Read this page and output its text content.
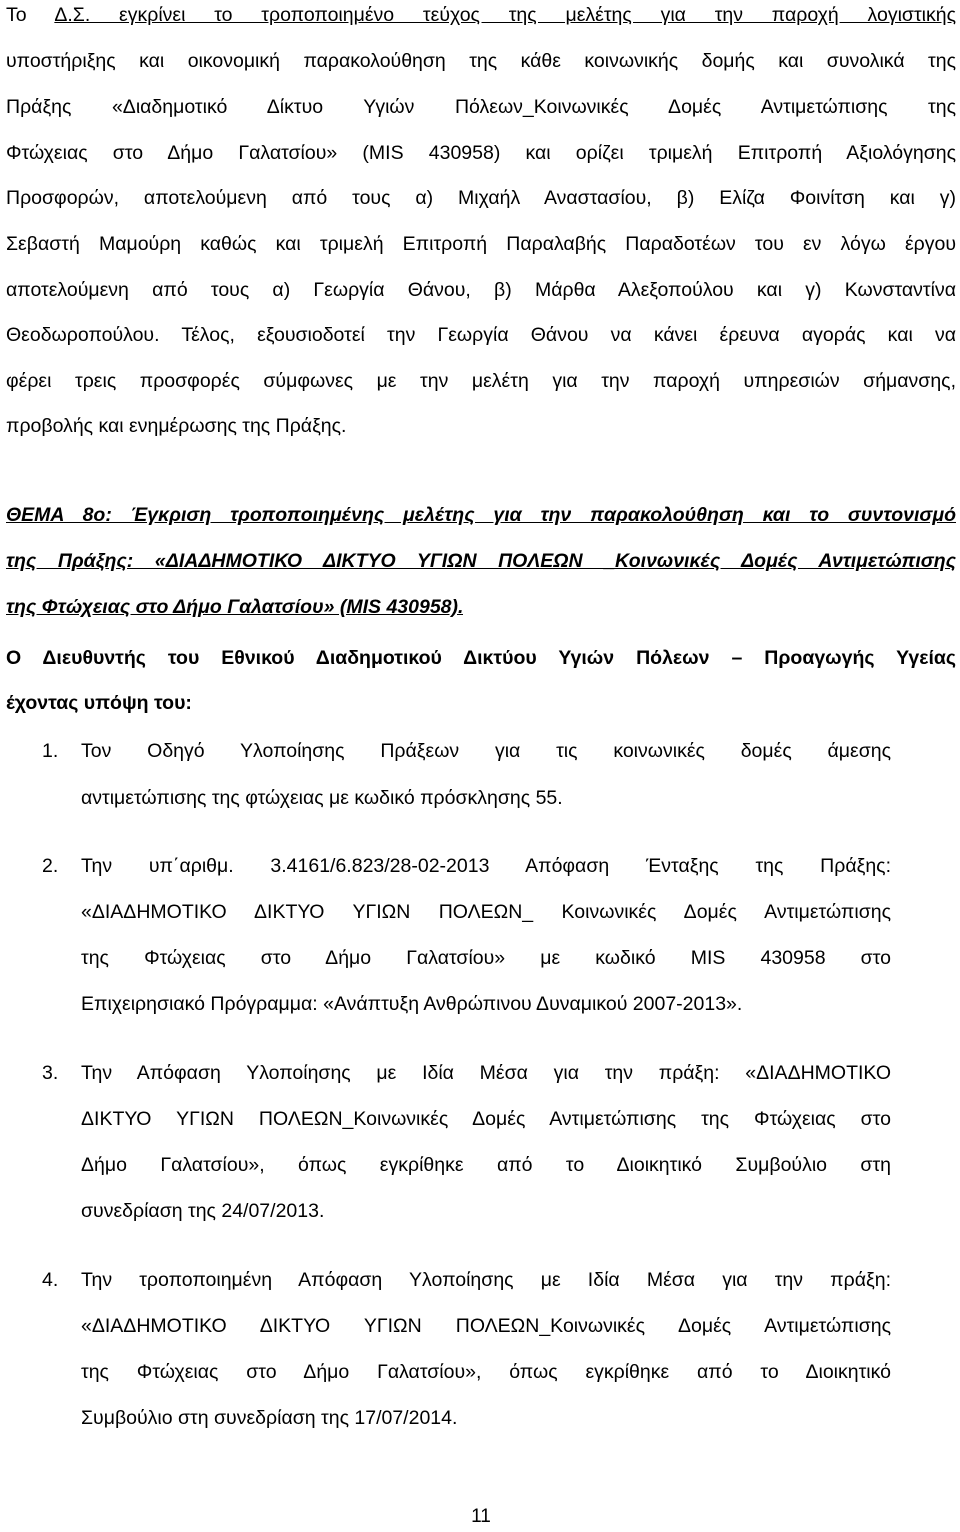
Το Δ.Σ. εγκρίνει το τροποποιημένο τεύχος της μελέτης για την παροχή λογιστικής
υποστήριξης και οικονομική παρακολούθηση της κάθε κοινωνικής δομής και συνολικά της
Πράξης «Διαδημοτικό Δίκτυο Υγιών Πόλεων_Κοινωνικές Δομές Αντιμετώπισης της
Φτώχειας στο Δήμο Γαλατσίου» (MIS 430958) και ορίζει τριμελή Επιτροπή Αξιολόγησης
Προσφορών, αποτελούμενη από τους α) Μιχαήλ Αναστασίου, β) Ελίζα Φοινίτση και γ)
Σεβαστή Μαμούρη καθώς και τριμελή Επιτροπή Παραλαβής Παραδοτέων του εν λόγω έργου
αποτελούμενη από τους α) Γεωργία Θάνου, β) Μάρθα Αλεξοπούλου και γ) Κωνσταντίνα
Θεοδωροπούλου. Τέλος, εξουσιοδοτεί την Γεωργία Θάνου να κάνει έρευνα αγοράς και να
φέρει τρεις προσφορές σύμφωνες με την μελέτη για την παροχή υπηρεσιών σήμανσης,
προβολής και ενημέρωσης της Πράξης.
ΘΕΜΑ 8ο: Έγκριση τροποποιημένης μελέτης για την παρακολούθηση και το συντονισμό
της Πράξης: «ΔΙΑΔΗΜΟΤΙΚΟ ΔΙΚΤΥΟ ΥΓΙΩΝ ΠΟΛΕΩΝ _Κοινωνικές Δομές Αντιμετώπισης
της Φτώχειας στο Δήμο Γαλατσίου» (MIS 430958).
Ο Διευθυντής του Εθνικού Διαδημοτικού Δικτύου Υγιών Πόλεων – Προαγωγής Υγείας
έχοντας υπόψη του:
1. Τον Οδηγό Υλοποίησης Πράξεων για τις κοινωνικές δομές άμεσης
αντιμετώπισης της φτώχειας με κωδικό πρόσκλησης 55.
2. Την υπ΄αριθμ. 3.4161/6.823/28-02-2013 Απόφαση Ένταξης της Πράξης:
«ΔΙΑΔΗΜΟΤΙΚΟ ΔΙΚΤΥΟ ΥΓΙΩΝ ΠΟΛΕΩΝ_ Κοινωνικές Δομές Αντιμετώπισης
της Φτώχειας στο Δήμο Γαλατσίου» με κωδικό MIS 430958 στο
Επιχειρησιακό Πρόγραμμα: «Ανάπτυξη Ανθρώπινου Δυναμικού 2007-2013».
3. Την Απόφαση Υλοποίησης με Ιδία Μέσα για την πράξη: «ΔΙΑΔΗΜΟΤΙΚΟ
ΔΙΚΤΥΟ ΥΓΙΩΝ ΠΟΛΕΩΝ_Κοινωνικές Δομές Αντιμετώπισης της Φτώχειας στο
Δήμο Γαλατσίου», όπως εγκρίθηκε από το Διοικητικό Συμβούλιο στη
συνεδρίαση της 24/07/2013.
4. Την τροποποιημένη Απόφαση Υλοποίησης με Ιδία Μέσα για την πράξη:
«ΔΙΑΔΗΜΟΤΙΚΟ ΔΙΚΤΥΟ ΥΓΙΩΝ ΠΟΛΕΩΝ_Κοινωνικές Δομές Αντιμετώπισης
της Φτώχειας στο Δήμο Γαλατσίου», όπως εγκρίθηκε από το Διοικητικό
Συμβούλιο στη συνεδρίαση της 17/07/2014.
11
